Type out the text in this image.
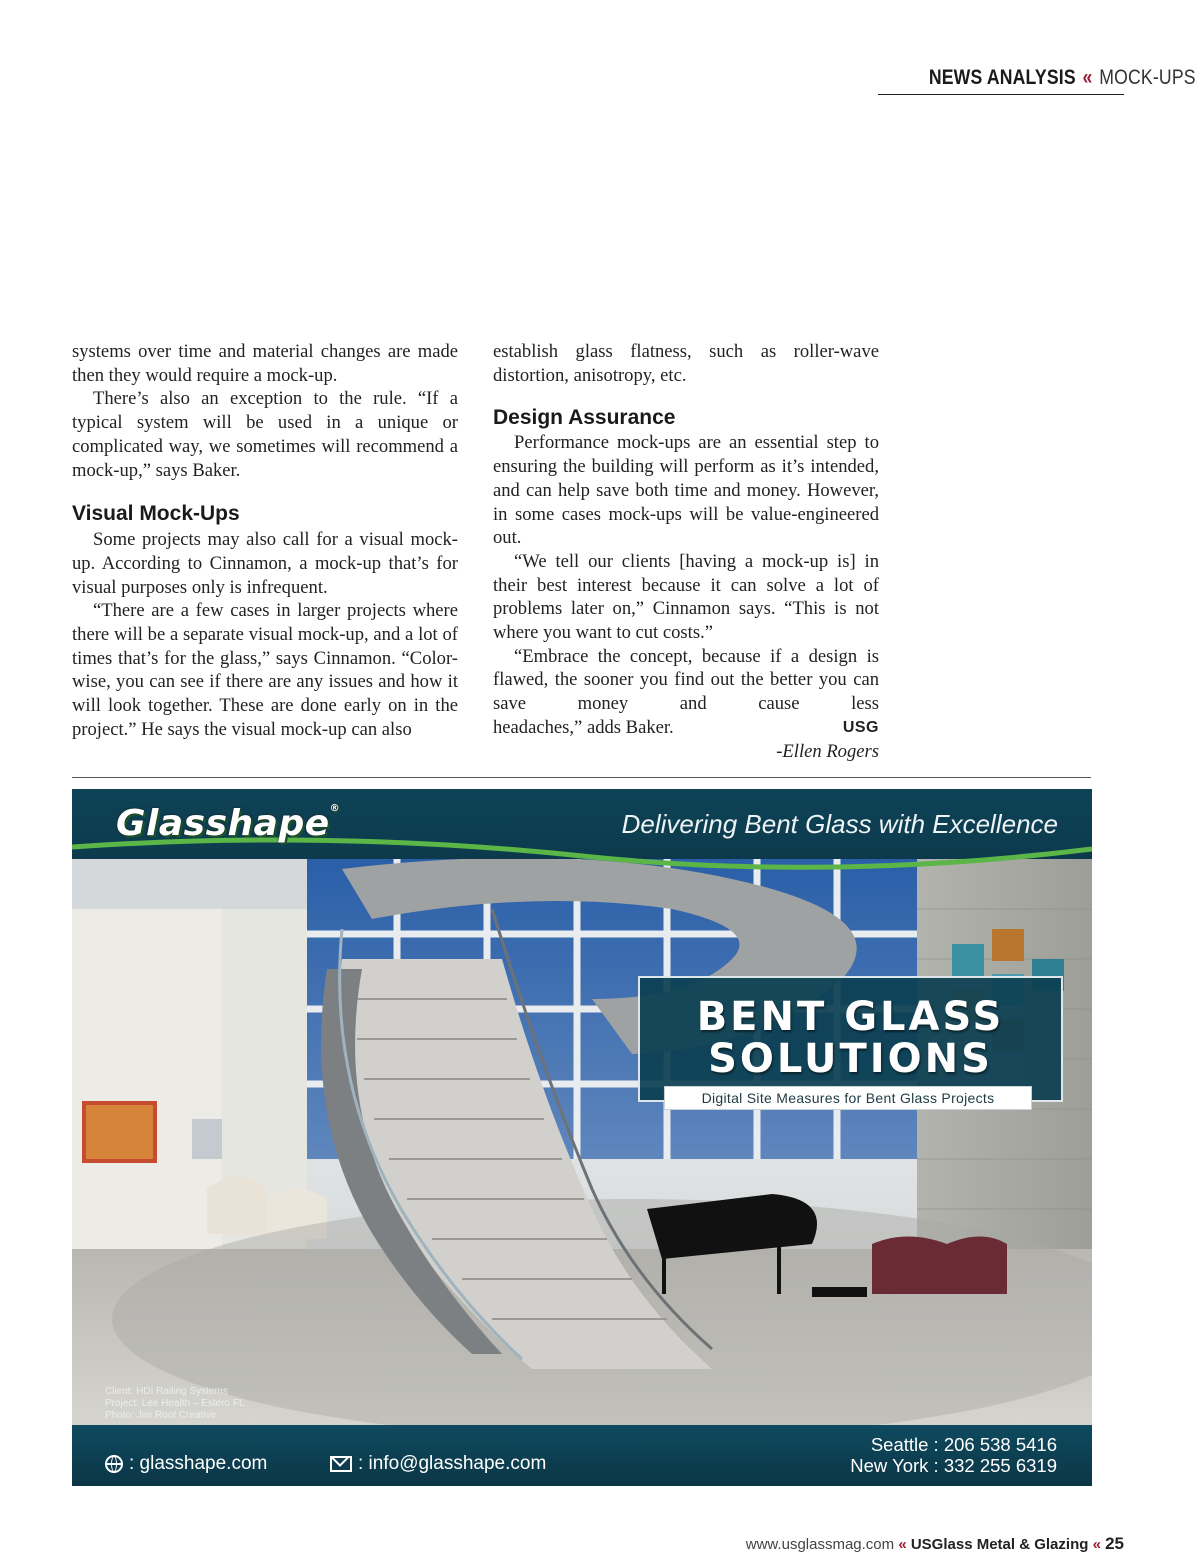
NEWS ANALYSIS « MOCK-UPS

systems over time and material changes are made then they would require a mock-up.

There’s also an exception to the rule. “If a typical system will be used in a unique or complicated way, we sometimes will recommend a mock-up,” says Baker.

Visual Mock-Ups

Some projects may also call for a visual mock-up. According to Cinnamon, a mock-up that’s for visual purposes only is infrequent.

“There are a few cases in larger projects where there will be a separate visual mock-up, and a lot of times that’s for the glass,” says Cinnamon. “Color-wise, you can see if there are any issues and how it will look together. These are done early on in the project.” He says the visual mock-up can also

establish glass flatness, such as roller-wave distortion, anisotropy, etc.

Design Assurance

Performance mock-ups are an essential step to ensuring the building will perform as it’s intended, and can help save both time and money. However, in some cases mock-ups will be value-engineered out.

“We tell our clients [having a mock-up is] in their best interest because it can solve a lot of problems later on,” Cinnamon says. “This is not where you want to cut costs.”

“Embrace the concept, because if a design is flawed, the sooner you find out the better you can save money and cause less

headaches,” adds Baker.	USG
-Ellen Rogers
Glasshape®
Delivering Bent Glass with Excellence
BENT GLASS
SOLUTIONS
Digital Site Measures for Bent Glass Projects
Client: HDI Railing Systems
Project: Lee Health – Estero FL
Photo: Jim Roof Creative
: glasshape.com	: info@glasshape.com
Seattle : 206 538 5416
New York : 332 255 6319
www.usglassmag.com « USGlass Metal & Glazing « 25
